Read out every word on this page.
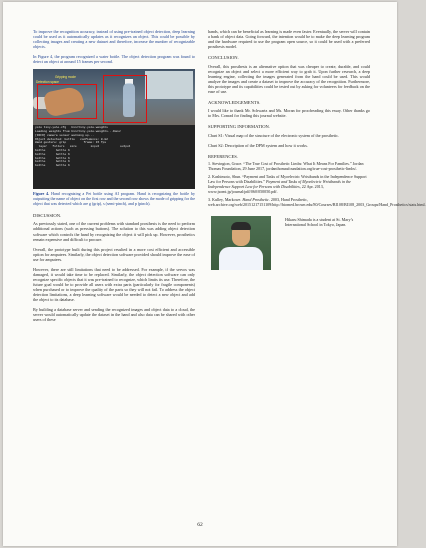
To improve the recognition accuracy, instead of using pre-trained object detection, deep learning could be used as it automatically updates as it recognizes an object. This could be possible by collecting images and creating a new dataset and therefore, increase the number of recognizable objects.

In Figure 4, the program recognized a water bottle. The object detection program was found to detect an object at around 15 frames per second.

Gripping mode
Detection space
yolo tiny-yolo.cfg   bin/tiny-yolo.weights
Loading weights from bin/tiny-yolo.weights...Done!
[INFO] camera sensor warming up...
Object detected: bottle   confidence: 0.82
Hand gesture: grip          frame: 15 fps
layer   filters   size        input            output
bottle      bottle 6
bottle      bottle 6
bottle      bottle 6
bottle      bottle 6
bottle      bottle 6

Figure 4. Hand recognizing a Pet bottle using AI program. Hand is recognizing the bottle by outputting the name of object on the first row and the second row shows the mode of gripping for the object that was detected which are g (grip), s (semi-pinch), and p (pinch).

DISCUSSION.

As previously stated, one of the current problems with standard prosthesis is the need to perform additional actions (such as pressing buttons). The solution to this was adding object detection software which controls the hand by recognizing the object it will pick up. However, prosthetics remain expensive and difficult to procure.

Overall, the prototype built during this project resulted in a more cost efficient and accessible option for amputees. Similarly, the object detection software provided should improve the ease of use for amputees.

However, there are still limitations that need to be addressed. For example, if the servos was damaged, it would take time to be replaced. Similarly, the object detection software can only recognize specific objects that it was pre-trained to recognize, which limits its use. Therefore, the future goal would be to provide all users with extra parts (particularly for fragile components) when purchased or to improve the quality of the parts so they will not fail. To address the object detection limitations, a deep learning software would be needed to detect a new object and add the object to its database.

By building a database server and sending the recognized images and object data to a cloud, the server would automatically update the dataset in the hand and also data can be shared with other users of these

hands, which can be beneficial as learning is made even faster. Eventually, the server will contain a bank of object data. Going forward, the intention would be to make the deep learning program and the hardware required to use the program open source, so it could be used with a preferred prosthesis model.

CONCLUSION.

Overall, this prosthesis is an alternative option that was cheaper to create, durable, and could recognize an object and select a more efficient way to grab it. Upon further research, a deep learning engine, collecting the images generated from the hand could be used. This would analyze the images and create a dataset to improve the accuracy of the recognition. Furthermore, this prototype and its capabilities could be tested out by asking for volunteers for feedback on the ease of use.

ACKNOWLEDGEMENTS.

I would like to thank Mr. Schwartz and Ms. Moran for proofreading this essay. Other thanks go to Mrs. Conrad for finding this journal website.

SUPPORTING INFORMATION.

Chart S1: Visual map of the structure of the electronic system of the prosthetic.

Chart S2: Description of the DPM system and how it works.

REFERENCES.

1. Stevington, Grace. “The True Cost of Prosthetic Limbs: What It Means For Families.” Jordan Thomas Foundation, 29 June 2017, jordanthomasfoundation.org/true-cost-prosthetic-limbs/.

2. Kashimoto, Shun. “Payment and Tasks of Myoelectric Wristbands in the Independence Support Law for Persons with Disabilities.” Payment and Tasks of Myoelectric Wristbands in the Independence Support Law for Persons with Disabilities, 22 Apr. 2013, www.jsomt.jp/journal/pdf/060/050050.pdf.

3. Kulley, Markowe. Hand Prosthetic. 2003, Hand Prosthetic, web.archive.org/web/20151217151109/http://biomed.brown.edu/80/Courses/BI108/BI108_2003_Groups/Hand_Prosthetics/stats.html.

Hikaru Shimada is a student at St. Mary’s International School in Tokyo, Japan.
62
